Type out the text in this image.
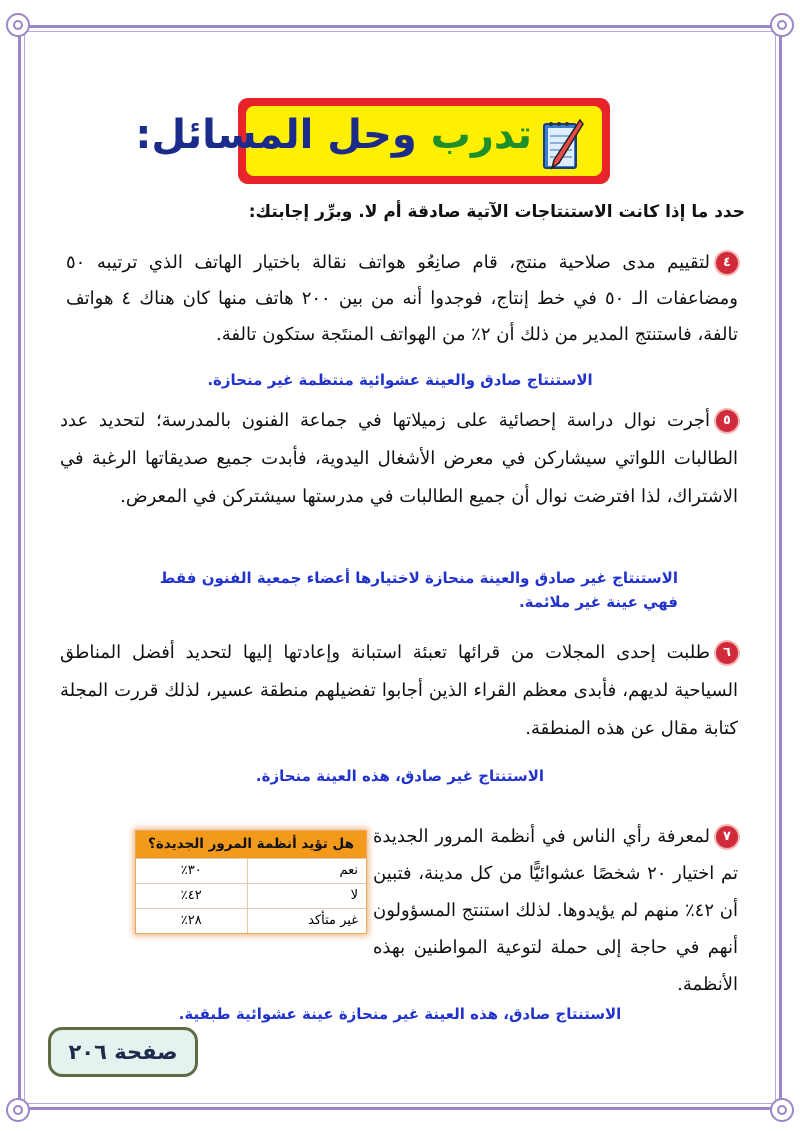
تدرب وحل المسائل:
حدد ما إذا كانت الاستنتاجات الآتية صادقة أم لا. وبرِّر إجابتك:
٤لتقييم مدى صلاحية منتج، قام صانِعُو هواتف نقالة باختيار الهاتف الذي ترتيبه ٥٠ ومضاعفات الـ ٥٠ في خط إنتاج، فوجدوا أنه من بين ٢٠٠ هاتف منها كان هناك ٤ هواتف تالفة، فاستنتج المدير من ذلك أن ٢٪ من الهواتف المنتَجة ستكون تالفة.
الاستنتاج صادق والعينة عشوائية منتظمة غير منحازة.
٥أجرت نوال دراسة إحصائية على زميلاتها في جماعة الفنون بالمدرسة؛ لتحديد عدد الطالبات اللواتي سيشاركن في معرض الأشغال اليدوية، فأبدت جميع صديقاتها الرغبة في الاشتراك، لذا افترضت نوال أن جميع الطالبات في مدرستها سيشتركن في المعرض.
الاستنتاج غير صادق والعينة منحازة لاختيارها أعضاء جمعية الفنون فقط فهي عينة غير ملائمة.
٦طلبت إحدى المجلات من قرائها تعبئة استبانة وإعادتها إليها لتحديد أفضل المناطق السياحية لديهم، فأبدى معظم القراء الذين أجابوا تفضيلهم منطقة عسير، لذلك قررت المجلة كتابة مقال عن هذه المنطقة.
الاستنتاج غير صادق، هذه العينة منحازة.
٧لمعرفة رأي الناس في أنظمة المرور الجديدة تم اختيار ٢٠ شخصًا عشوائيًّا من كل مدينة، فتبين أن ٤٢٪ منهم لم يؤيدوها. لذلك استنتج المسؤولون أنهم في حاجة إلى حملة لتوعية المواطنين بهذه الأنظمة.
هل تؤيد أنظمة المرور الجديدة؟
نعم
٣٠٪
لا
٤٢٪
غير متأكد
٢٨٪
الاستنتاج صادق، هذه العينة غير منحازة عينة عشوائية طبقية.
صفحة ٢٠٦
